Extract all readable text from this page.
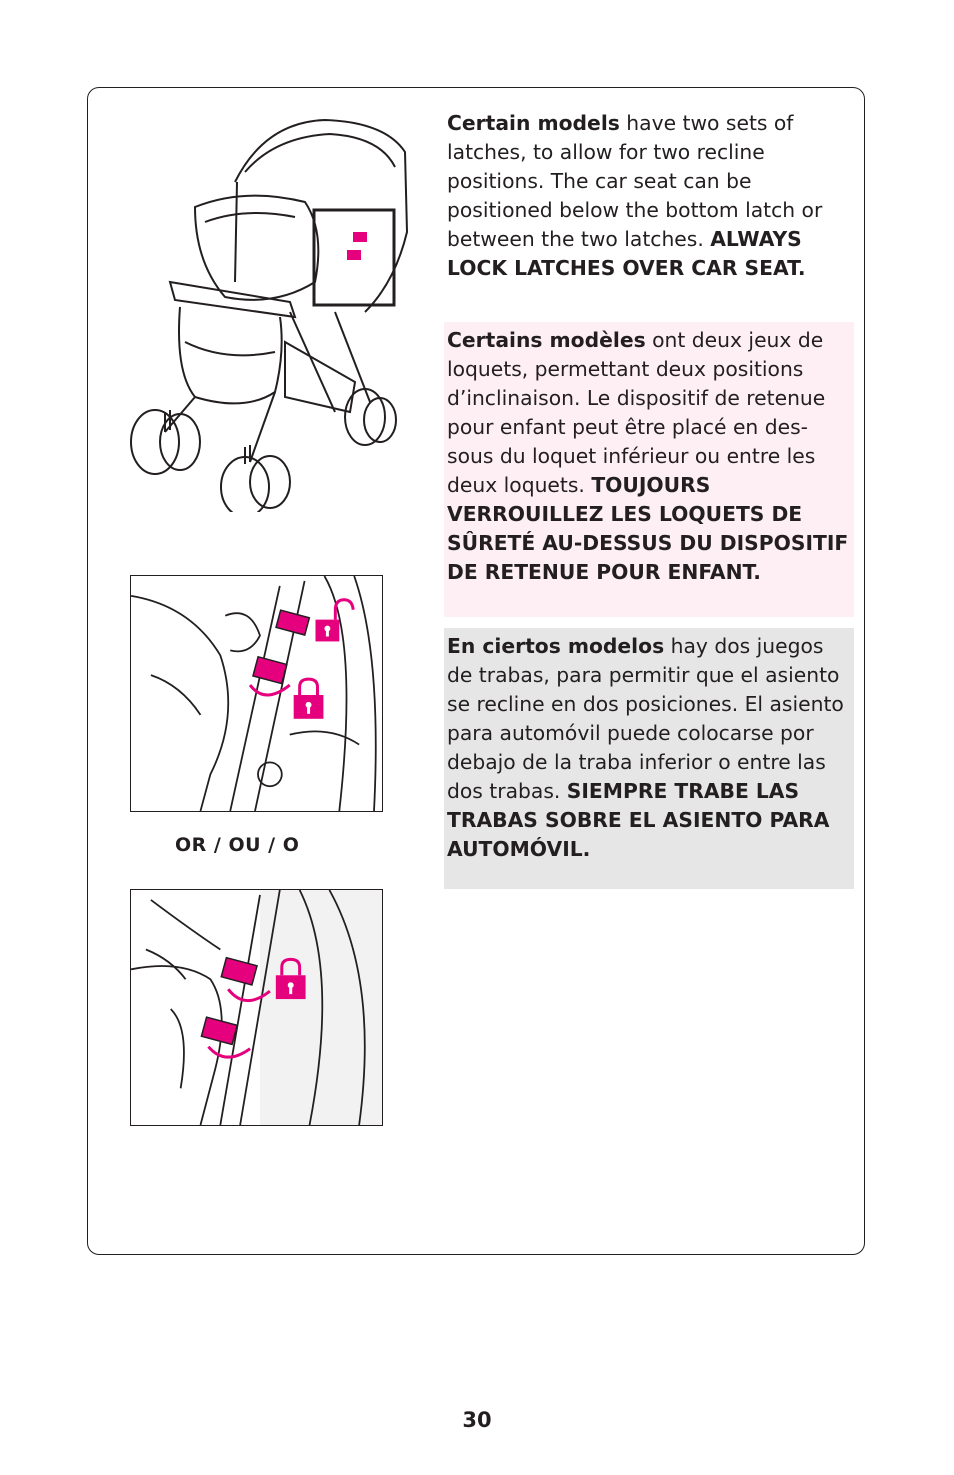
OR / OU / O
Certain models have two sets of latches, to allow for two recline positions. The car seat can be positioned below the bottom latch or between the two latches. ALWAYS LOCK LATCHES OVER CAR SEAT.
Certains modèles ont deux jeux de loquets, permettant deux positions d’inclinaison. Le dispositif de retenue pour enfant peut être placé en des-sous du loquet inférieur ou entre les deux loquets. TOUJOURS VERROUILLEZ LES LOQUETS DE SÛRETÉ AU-DESSUS DU DISPOSITIF DE RETENUE POUR ENFANT.
En ciertos modelos hay dos juegos de trabas, para permitir que el asiento se recline en dos posiciones. El asiento para automóvil puede colocarse por debajo de la traba inferior o entre las dos trabas. SIEMPRE TRABE LAS TRABAS SOBRE EL ASIENTO PARA AUTOMÓVIL.
30
